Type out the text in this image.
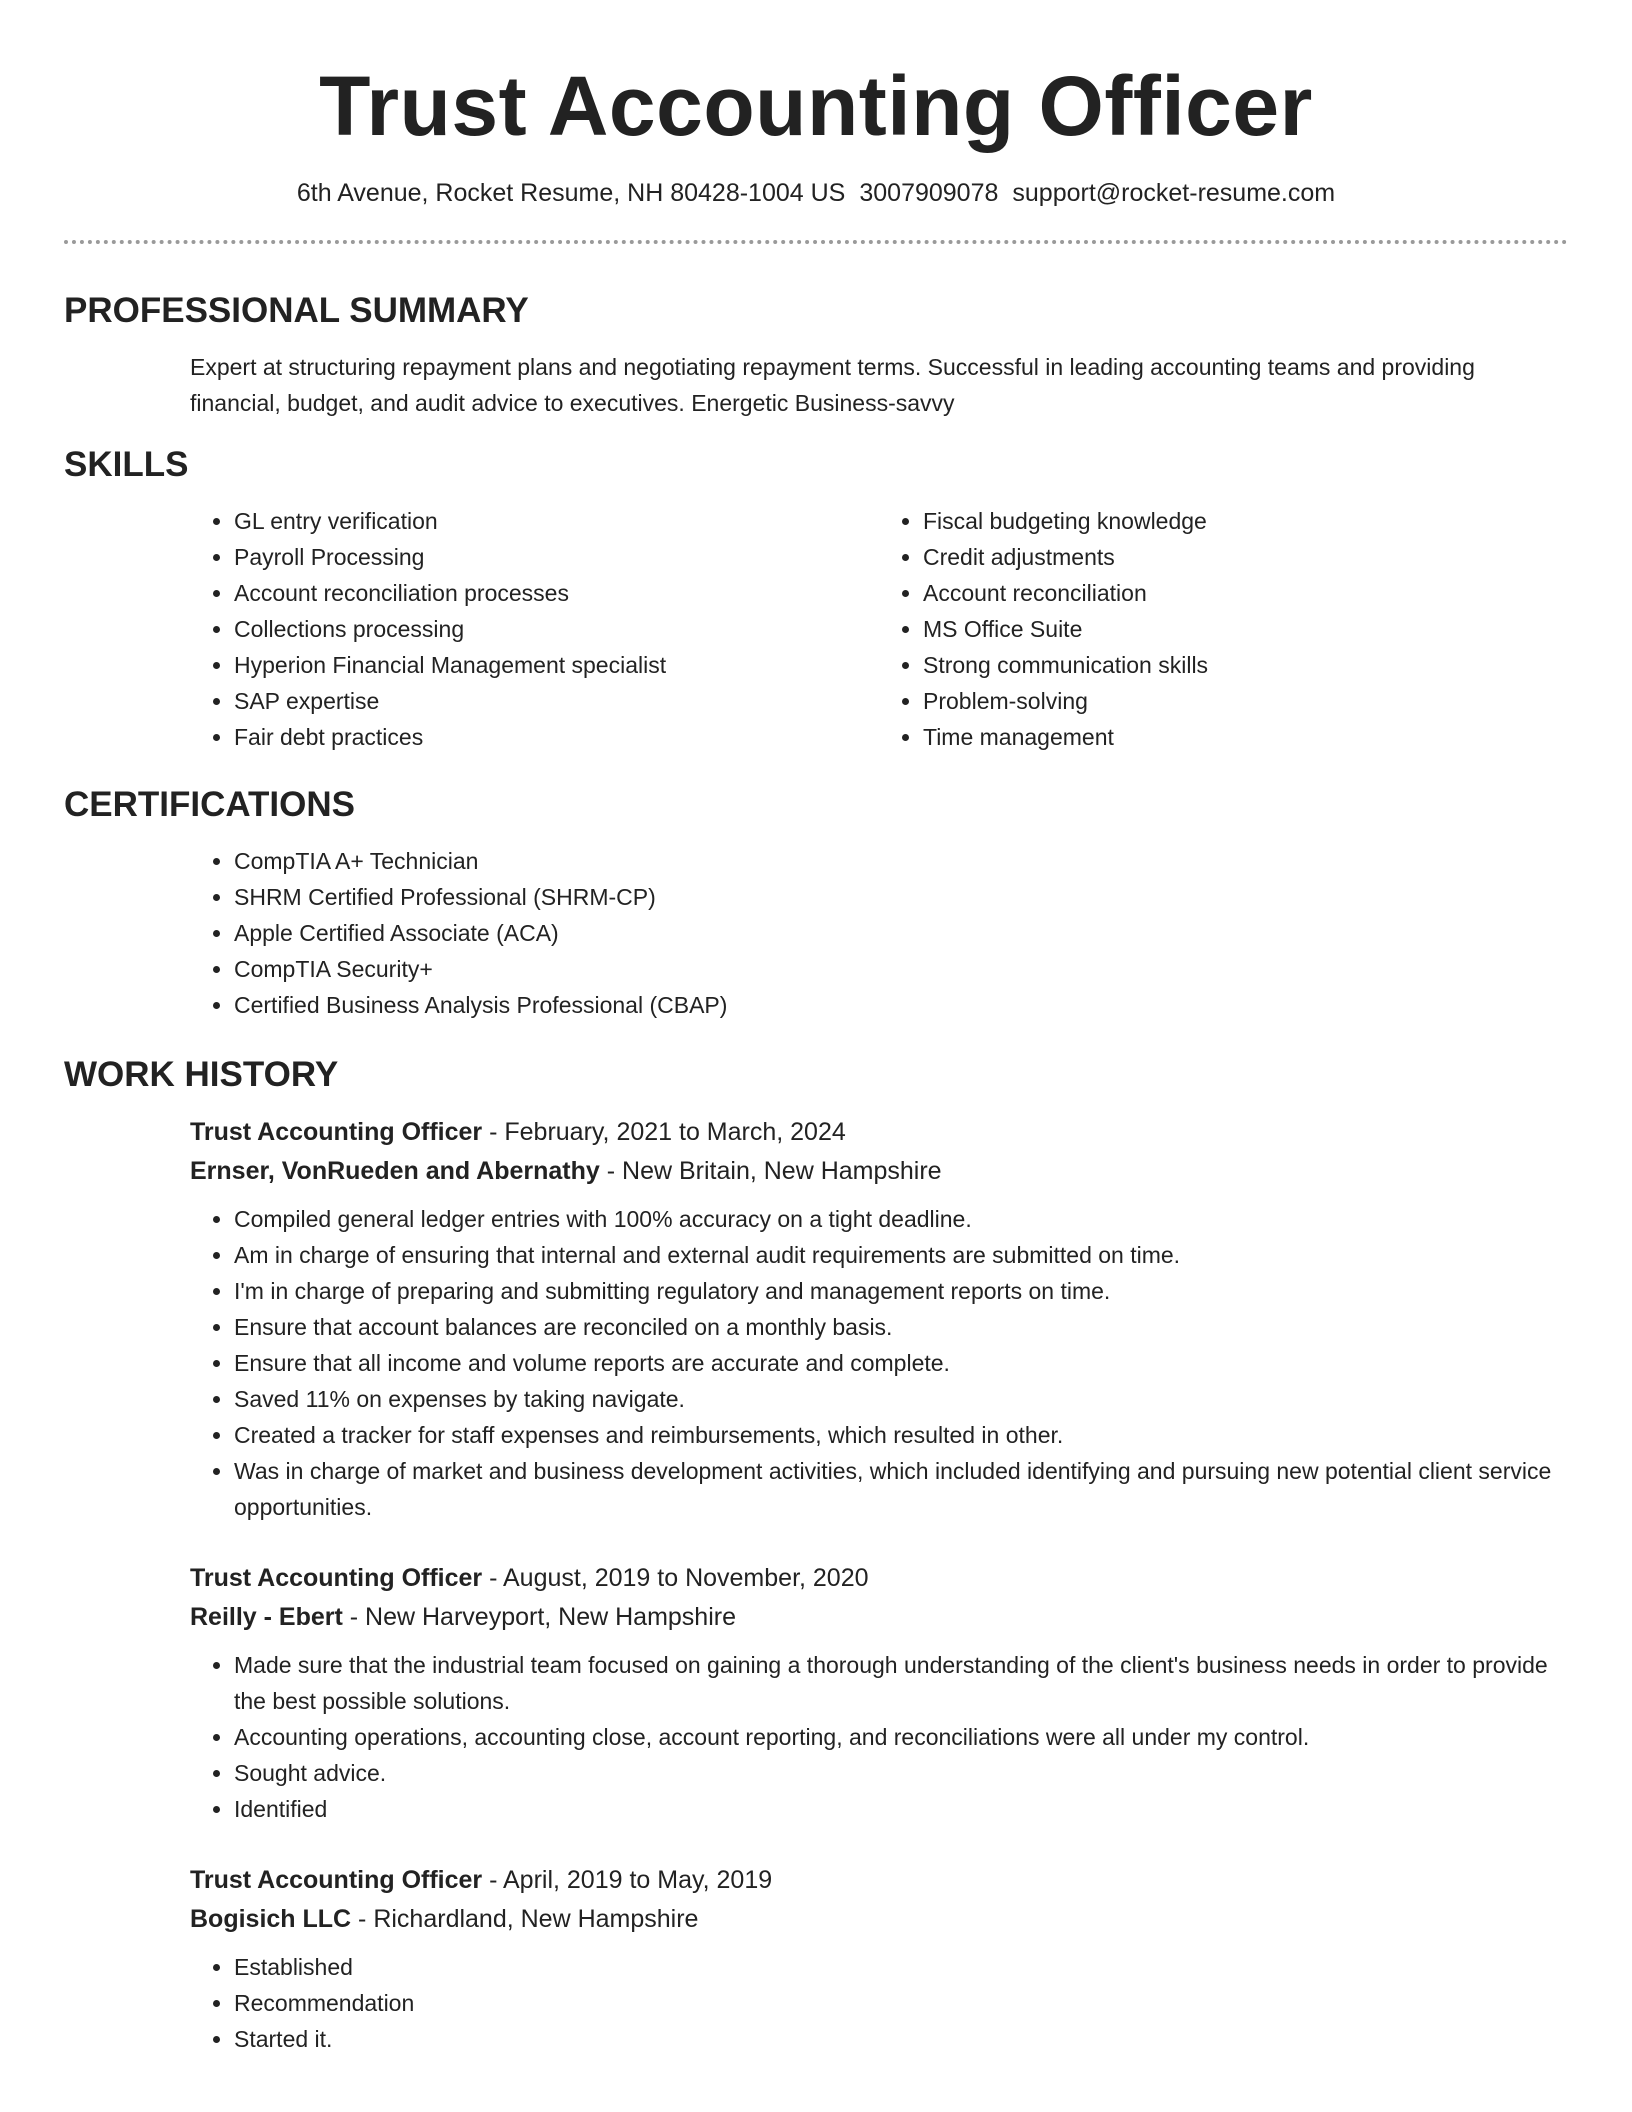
Trust Accounting Officer
6th Avenue, Rocket Resume, NH 80428-1004 US 3007909078 support@rocket-resume.com
PROFESSIONAL SUMMARY

Expert at structuring repayment plans and negotiating repayment terms. Successful in leading accounting teams and providing financial, budget, and audit advice to executives. Energetic Business-savvy

SKILLS
• GL entry verification
• Payroll Processing
• Account reconciliation processes
• Collections processing
• Hyperion Financial Management specialist
• SAP expertise
• Fair debt practices
• Fiscal budgeting knowledge
• Credit adjustments
• Account reconciliation
• MS Office Suite
• Strong communication skills
• Problem-solving
• Time management
CERTIFICATIONS
• CompTIA A+ Technician
• SHRM Certified Professional (SHRM-CP)
• Apple Certified Associate (ACA)
• CompTIA Security+
• Certified Business Analysis Professional (CBAP)
WORK HISTORY

Trust Accounting Officer - February, 2021 to March, 2024

Ernser, VonRueden and Abernathy - New Britain, New Hampshire

• Compiled general ledger entries with 100% accuracy on a tight deadline.
• Am in charge of ensuring that internal and external audit requirements are submitted on time.
• I'm in charge of preparing and submitting regulatory and management reports on time.
• Ensure that account balances are reconciled on a monthly basis.
• Ensure that all income and volume reports are accurate and complete.
• Saved 11% on expenses by taking navigate.
• Created a tracker for staff expenses and reimbursements, which resulted in other.
• Was in charge of market and business development activities, which included identifying and pursuing new potential client service opportunities.

Trust Accounting Officer - August, 2019 to November, 2020

Reilly - Ebert - New Harveyport, New Hampshire

• Made sure that the industrial team focused on gaining a thorough understanding of the client's business needs in order to provide the best possible solutions.
• Accounting operations, accounting close, account reporting, and reconciliations were all under my control.
• Sought advice.
• Identified

Trust Accounting Officer - April, 2019 to May, 2019

Bogisich LLC - Richardland, New Hampshire

• Established
• Recommendation
• Started it.
